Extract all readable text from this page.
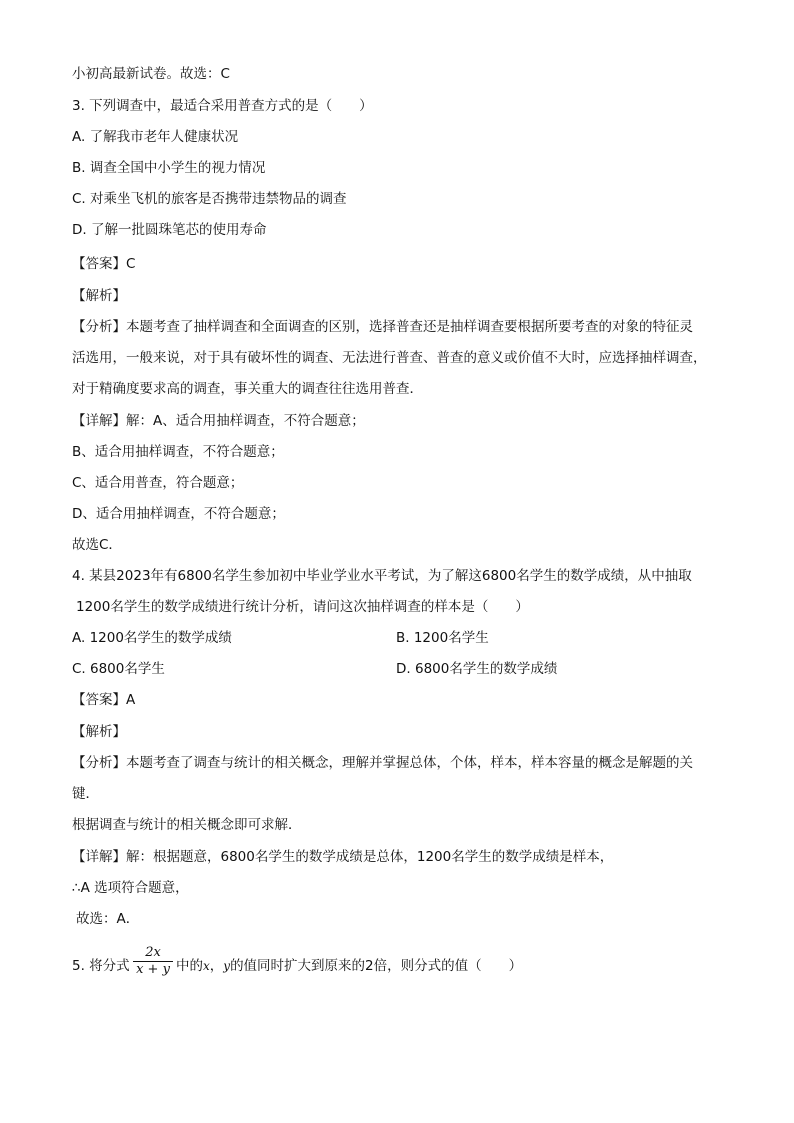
小初高最新试卷。故选：C
3. 下列调查中，最适合采用普查方式的是（　　）
A. 了解我市老年人健康状况
B. 调查全国中小学生的视力情况
C. 对乘坐飞机的旅客是否携带违禁物品的调查
D. 了解一批圆珠笔芯的使用寿命
【答案】C
【解析】
【分析】本题考查了抽样调查和全面调查的区别，选择普查还是抽样调查要根据所要考查的对象的特征灵
活选用，一般来说，对于具有破坏性的调查、无法进行普查、普查的意义或价值不大时，应选择抽样调查，
对于精确度要求高的调查，事关重大的调查往往选用普查．
【详解】解：A、适合用抽样调查，不符合题意；
B、适合用抽样调查，不符合题意；
C、适合用普查，符合题意；
D、适合用抽样调查，不符合题意；
故选C．
4. 某县2023年有6800名学生参加初中毕业学业水平考试，为了解这6800名学生的数学成绩，从中抽取
1200名学生的数学成绩进行统计分析，请问这次抽样调查的样本是（　　）
A. 1200名学生的数学成绩	B. 1200名学生
C. 6800名学生	D. 6800名学生的数学成绩
【答案】A
【解析】
【分析】本题考查了调查与统计的相关概念，理解并掌握总体，个体，样本，样本容量的概念是解题的关
键．
根据调查与统计的相关概念即可求解．
【详解】解：根据题意，6800名学生的数学成绩是总体，1200名学生的数学成绩是样本，
∴A 选项符合题意，
故选：A．
5. 将分式
2x
x + y 中的x，y的值同时扩大到原来的2倍，则分式的值（　　）
